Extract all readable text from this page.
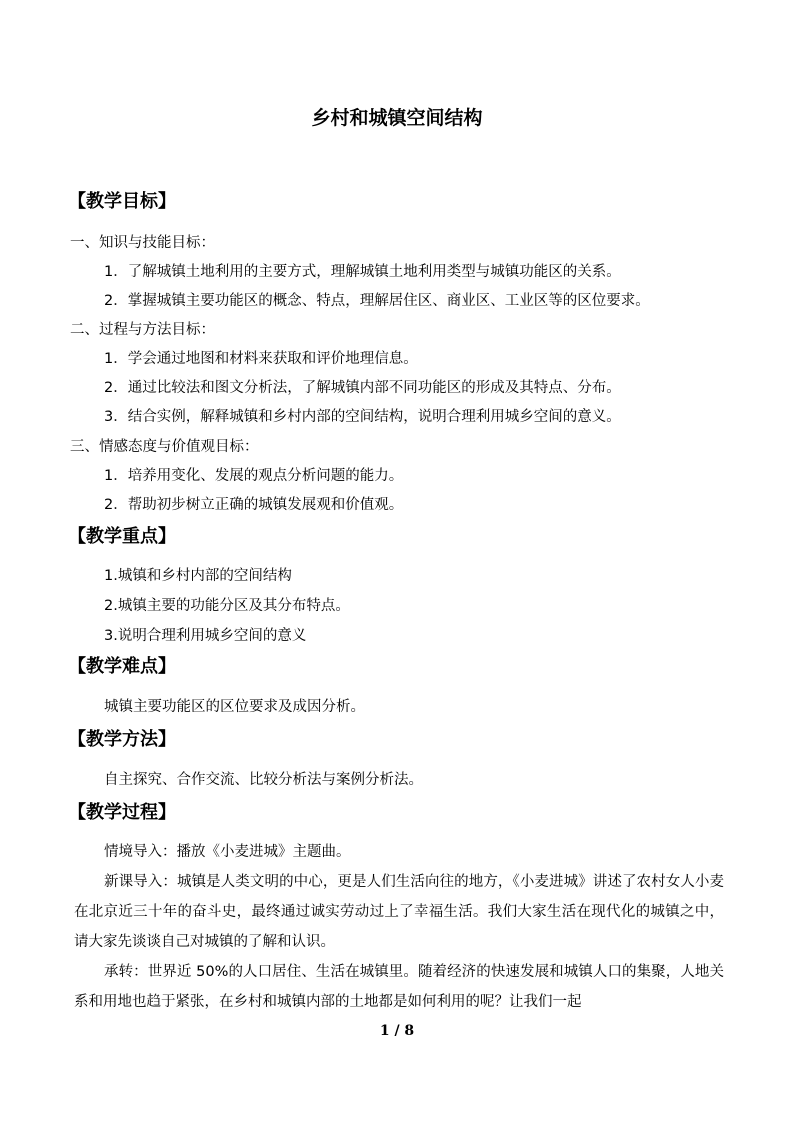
乡村和城镇空间结构
【教学目标】
一、知识与技能目标：
1．了解城镇土地利用的主要方式，理解城镇土地利用类型与城镇功能区的关系。
2．掌握城镇主要功能区的概念、特点，理解居住区、商业区、工业区等的区位要求。
二、过程与方法目标：
1．学会通过地图和材料来获取和评价地理信息。
2．通过比较法和图文分析法，了解城镇内部不同功能区的形成及其特点、分布。
3．结合实例，解释城镇和乡村内部的空间结构，说明合理利用城乡空间的意义。
三、情感态度与价值观目标：
1．培养用变化、发展的观点分析问题的能力。
2．帮助初步树立正确的城镇发展观和价值观。
【教学重点】
1.城镇和乡村内部的空间结构
2.城镇主要的功能分区及其分布特点。
3.说明合理利用城乡空间的意义
【教学难点】
城镇主要功能区的区位要求及成因分析。
【教学方法】
自主探究、合作交流、比较分析法与案例分析法。
【教学过程】
情境导入：播放《小麦进城》主题曲。
新课导入：城镇是人类文明的中心，更是人们生活向往的地方，《小麦进城》讲述了农村女人小麦在北京近三十年的奋斗史，最终通过诚实劳动过上了幸福生活。我们大家生活在现代化的城镇之中，请大家先谈谈自己对城镇的了解和认识。
承转：世界近 50%的人口居住、生活在城镇里。随着经济的快速发展和城镇人口的集聚，人地关系和用地也趋于紧张，在乡村和城镇内部的土地都是如何利用的呢？让我们一起
1 / 8
